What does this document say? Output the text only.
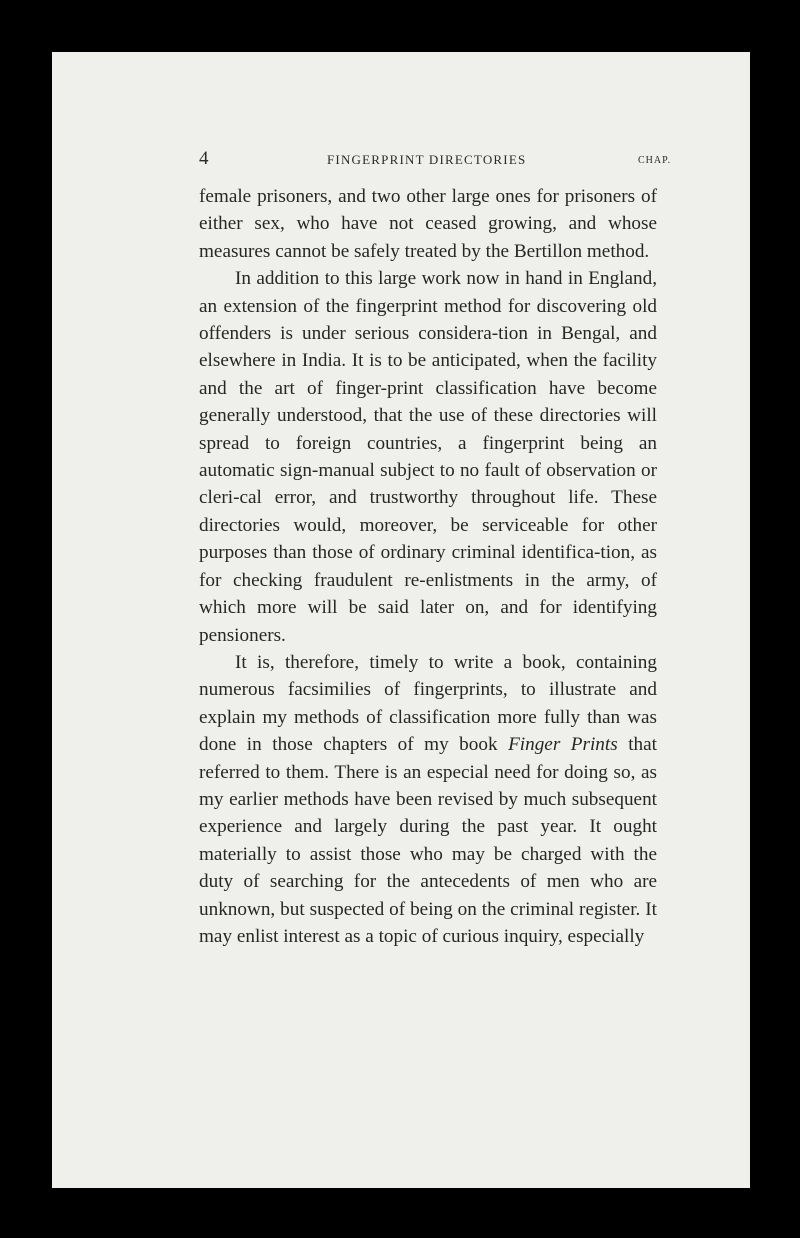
4	FINGERPRINT DIRECTORIES	CHAP.

female prisoners, and two other large ones for prisoners of either sex, who have not ceased growing, and whose measures cannot be safely treated by the Bertillon method.

In addition to this large work now in hand in England, an extension of the fingerprint method for discovering old offenders is under serious considera-tion in Bengal, and elsewhere in India. It is to be anticipated, when the facility and the art of finger-print classification have become generally understood, that the use of these directories will spread to foreign countries, a fingerprint being an automatic sign-manual subject to no fault of observation or cleri-cal error, and trustworthy throughout life. These directories would, moreover, be serviceable for other purposes than those of ordinary criminal identifica-tion, as for checking fraudulent re-enlistments in the army, of which more will be said later on, and for identifying pensioners.

It is, therefore, timely to write a book, containing numerous facsimilies of fingerprints, to illustrate and explain my methods of classification more fully than was done in those chapters of my book Finger Prints that referred to them. There is an especial need for doing so, as my earlier methods have been revised by much subsequent experience and largely during the past year. It ought materially to assist those who may be charged with the duty of searching for the antecedents of men who are unknown, but suspected of being on the criminal register. It may enlist interest as a topic of curious inquiry, especially
